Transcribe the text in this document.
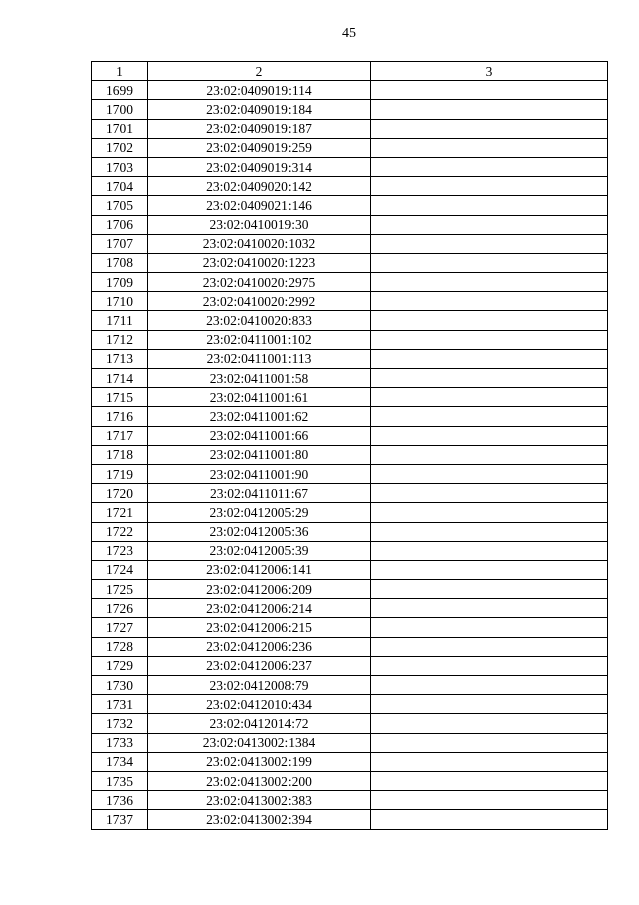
45
1	2	3
1699	23:02:0409019:114	
1700	23:02:0409019:184	
1701	23:02:0409019:187	
1702	23:02:0409019:259	
1703	23:02:0409019:314	
1704	23:02:0409020:142	
1705	23:02:0409021:146	
1706	23:02:0410019:30	
1707	23:02:0410020:1032	
1708	23:02:0410020:1223	
1709	23:02:0410020:2975	
1710	23:02:0410020:2992	
1711	23:02:0410020:833	
1712	23:02:0411001:102	
1713	23:02:0411001:113	
1714	23:02:0411001:58	
1715	23:02:0411001:61	
1716	23:02:0411001:62	
1717	23:02:0411001:66	
1718	23:02:0411001:80	
1719	23:02:0411001:90	
1720	23:02:0411011:67	
1721	23:02:0412005:29	
1722	23:02:0412005:36	
1723	23:02:0412005:39	
1724	23:02:0412006:141	
1725	23:02:0412006:209	
1726	23:02:0412006:214	
1727	23:02:0412006:215	
1728	23:02:0412006:236	
1729	23:02:0412006:237	
1730	23:02:0412008:79	
1731	23:02:0412010:434	
1732	23:02:0412014:72	
1733	23:02:0413002:1384	
1734	23:02:0413002:199	
1735	23:02:0413002:200	
1736	23:02:0413002:383	
1737	23:02:0413002:394	
